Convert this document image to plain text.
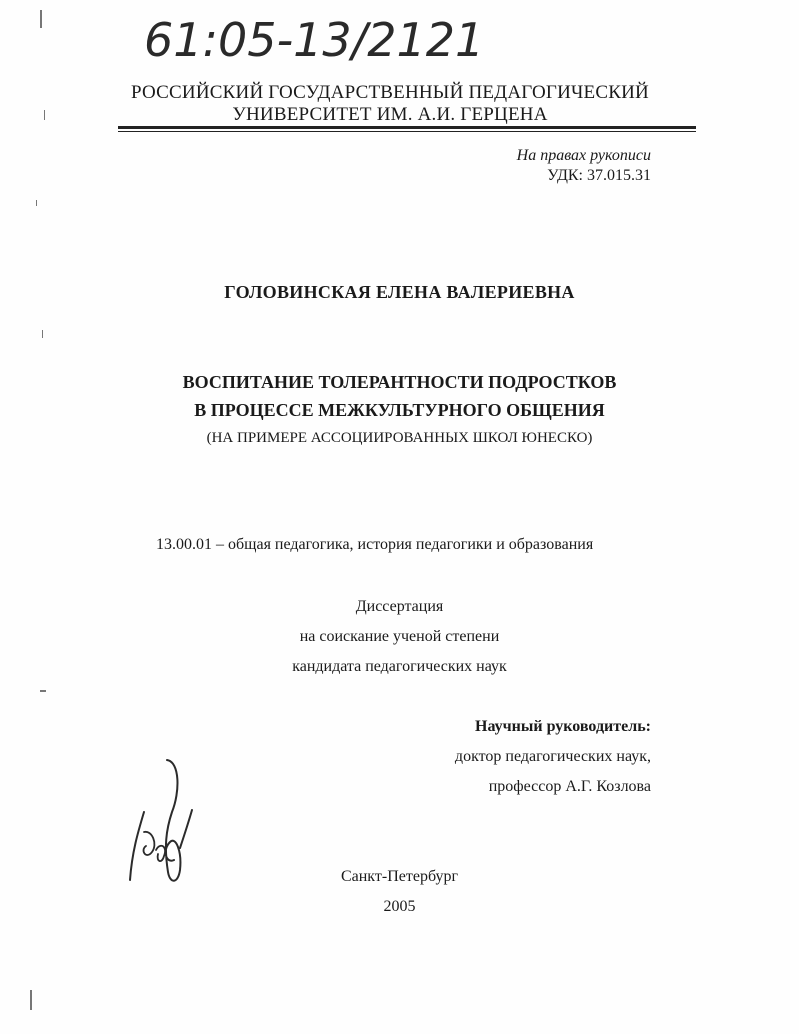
61:05-13/2121
РОССИЙСКИЙ ГОСУДАРСТВЕННЫЙ ПЕДАГОГИЧЕСКИЙ
УНИВЕРСИТЕТ ИМ. А.И. ГЕРЦЕНА
На правах рукописи
УДК: 37.015.31
ГОЛОВИНСКАЯ ЕЛЕНА ВАЛЕРИЕВНА
ВОСПИТАНИЕ ТОЛЕРАНТНОСТИ ПОДРОСТКОВ
В ПРОЦЕССЕ МЕЖКУЛЬТУРНОГО ОБЩЕНИЯ
(НА ПРИМЕРЕ АССОЦИИРОВАННЫХ ШКОЛ ЮНЕСКО)
13.00.01 – общая педагогика, история педагогики и образования
Диссертация
на соискание ученой степени
кандидата педагогических наук
Научный руководитель:
доктор педагогических наук,
профессор А.Г. Козлова
Санкт-Петербург
2005
